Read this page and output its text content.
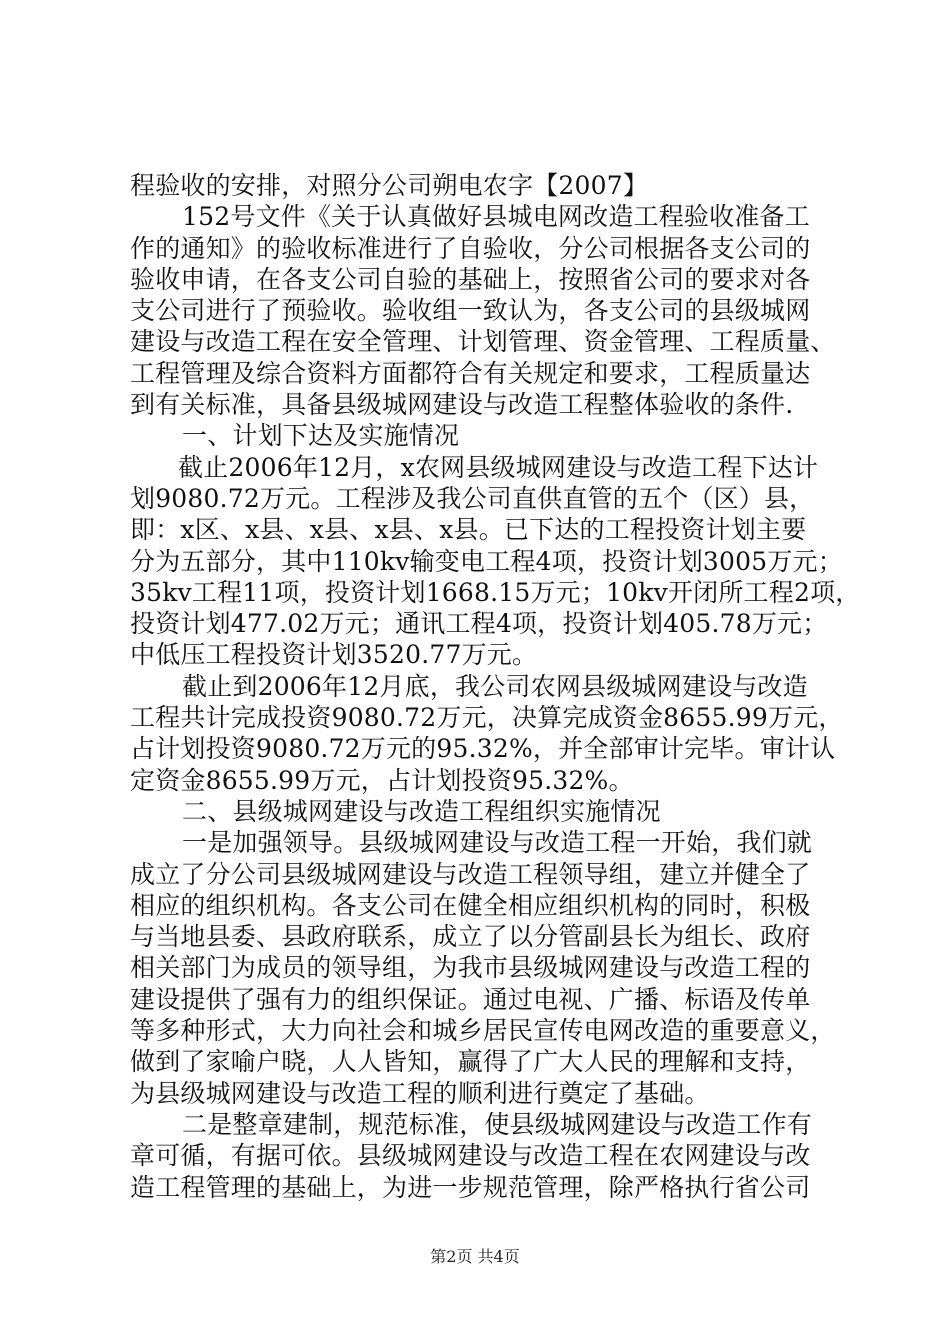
程验收的安排，对照分公司朔电农字【2007】
152号文件《关于认真做好县城电网改造工程验收准备工
作的通知》的验收标准进行了自验收，分公司根据各支公司的
验收申请，在各支公司自验的基础上，按照省公司的要求对各
支公司进行了预验收。验收组一致认为，各支公司的县级城网
建设与改造工程在安全管理、计划管理、资金管理、工程质量、
工程管理及综合资料方面都符合有关规定和要求，工程质量达
到有关标准，具备县级城网建设与改造工程整体验收的条件.
一、计划下达及实施情况
截止2006年12月，x农网县级城网建设与改造工程下达计
划9080.72万元。工程涉及我公司直供直管的五个（区）县，
即：x区、x县、x县、x县、x县。已下达的工程投资计划主要
分为五部分，其中110kv输变电工程4项，投资计划3005万元；
35kv工程11项，投资计划1668.15万元；10kv开闭所工程2项，
投资计划477.02万元；通讯工程4项，投资计划405.78万元；
中低压工程投资计划3520.77万元。
截止到2006年12月底，我公司农网县级城网建设与改造
工程共计完成投资9080.72万元，决算完成资金8655.99万元，
占计划投资9080.72万元的95.32%，并全部审计完毕。审计认
定资金8655.99万元，占计划投资95.32%。
二、县级城网建设与改造工程组织实施情况
一是加强领导。县级城网建设与改造工程一开始，我们就
成立了分公司县级城网建设与改造工程领导组，建立并健全了
相应的组织机构。各支公司在健全相应组织机构的同时，积极
与当地县委、县政府联系，成立了以分管副县长为组长、政府
相关部门为成员的领导组，为我市县级城网建设与改造工程的
建设提供了强有力的组织保证。通过电视、广播、标语及传单
等多种形式，大力向社会和城乡居民宣传电网改造的重要意义，
做到了家喻户晓，人人皆知，赢得了广大人民的理解和支持，
为县级城网建设与改造工程的顺利进行奠定了基础。
二是整章建制，规范标准，使县级城网建设与改造工作有
章可循，有据可依。县级城网建设与改造工程在农网建设与改
造工程管理的基础上，为进一步规范管理，除严格执行省公司
第2页 共4页
